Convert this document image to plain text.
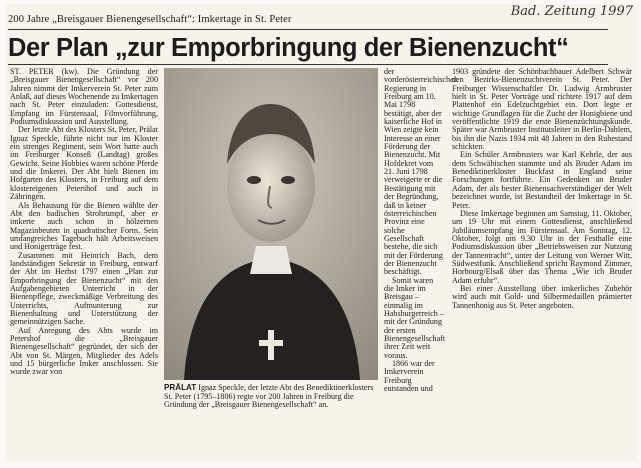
Bad. Zeitung 1997
200 Jahre „Breisgauer Bienengesellschaft“: Imkertage in St. Peter
Der Plan „zur Emporbringung der Bienenzucht“

ST. PETER (kw). Die Gründung der „Breisgauer Bienengesellschaft“ vor 200 Jahren nimmt der Imkerverein St. Peter zum Anlaß, auf dieses Wochenende zu Imkertagen nach St. Peter einzuladen: Gottesdienst, Empfang im Fürstensaal, Filmvorführung, Podiumsdiskussion und Ausstellung.

Der letzte Abt des Klosters St. Peter, Prälat Ignaz Speckle, führte nicht nur im Kloster ein strenges Regiment, sein Wort hatte auch im Freiburger Konseß (Landtag) großes Gewicht. Seine Hobbies waren schöne Pferde und die Imkerei. Der Abt hielt Bienen im Hofgarten des Klosters, in Freiburg auf dem klostereigenen Petershof und auch in Zähringen.

Als Behausung für die Bienen wählte der Abt den badischen Strohrumpf, aber er imkerte auch schon in hölzernen Magazinbeuten in quadratischer Form. Sein umfangreiches Tagebuch hält Arbeitsweisen und Honigerträge fest.

Zusammen mit Heinrich Bach, dem landständigen Sekretär in Freiburg, entwarf der Abt im Herbst 1797 einen „Plan zur Emporbringung der Bienenzucht“ mit den Aufgabengebieten Unterricht in der Bienenpflege, zweckmäßige Verbreitung des Unterrichts, Aufmunterung zur Bienenhaltung und Unterstützung der gemeinnützigen Sache.

Auf Anregung des Abts wurde im Petershof die „Breisgauer Bienengesellschaft“ gegründet, der sich der Abt von St. Märgen, Mitglieder des Adels und 15 bürgerliche Imker anschlossen. Sie wurde zwar von

PRÄLAT Ignaz Speckle, der letzte Abt des Benediktinerklosters St. Peter (1795–1806) regte vor 200 Jahren in Freiburg die Gründung der „Breisgauer Bienengesellschaft“ an.

der vorderösterreichischen Regierung in Freiburg am 10. Mai 1798 bestätigt, aber der kaiserliche Hof in Wien zeigte kein Interesse an einer Förderung der Bienenzucht. Mit Hofdekret vom 21. Juni 1798 verweigerte er die Bestätigung mit der Begründung, daß in keiner österreichischen Provinz eine solche Gesellschaft bestehe, die sich mit der Förderung der Bienenzucht beschäftigt.

Somit waren die Imker im Breisgau – einmalig im Habsburgerreich – mit der Gründung der ersten Bienengesellschaft ihrer Zeit weit voraus.

1866 war der Imkerverein Freiburg entstanden und

1903 gründete der Schönbachbauer Adelbert Schwär den Bezirks-Bienenzuchtverein St. Peter. Der Freiburger Wissenschaftler Dr. Ludwig Armbruster hielt in St. Peter Vorträge und richtete 1917 auf dem Plattenhof ein Edelzuchtgebiet ein. Dort legte er wichtige Grundlagen für die Zucht der Honigbiene und veröffentlichte 1919 die erste Bienenzüchtungskunde. Später war Armbruster Institutsleiter in Berlin-Dahlem, bis ihn die Nazis 1934 mit 48 Jahren in den Ruhestand schickten.

Ein Schüler Armbrusters war Karl Kehrle, der aus dem Schwäbischen stammte und als Bruder Adam im Benediktinerkloster Buckfast in England seine Forschungen fortführte. Ein Gedenken an Bruder Adam, der als bester Bienensachverständiger der Welt bezeichnet wurde, ist Bestandteil der Imkertage in St. Peter.

Diese Imkertage beginnen am Samstag, 11. Oktober, um 19 Uhr mit einem Gottesdienst, anschließend Jubiläumsempfang im Fürstensaal. Am Sonntag, 12. Oktober, folgt um 9.30 Uhr in der Festhalle eine Podiumsdiskussion über „Betriebsweisen zur Nutzung der Tannentracht“, unter der Leitung von Werner Witt, Südwestfunk. Anschließend spricht Raymond Zimmer, Horbourg/Elsaß über das Thema „Wie ich Bruder Adam erfuhr“.

Bei einer Ausstellung über imkerliches Zubehör wird auch mit Gold- und Silbermedaillen prämierter Tannenhonig aus St. Peter angeboten.
